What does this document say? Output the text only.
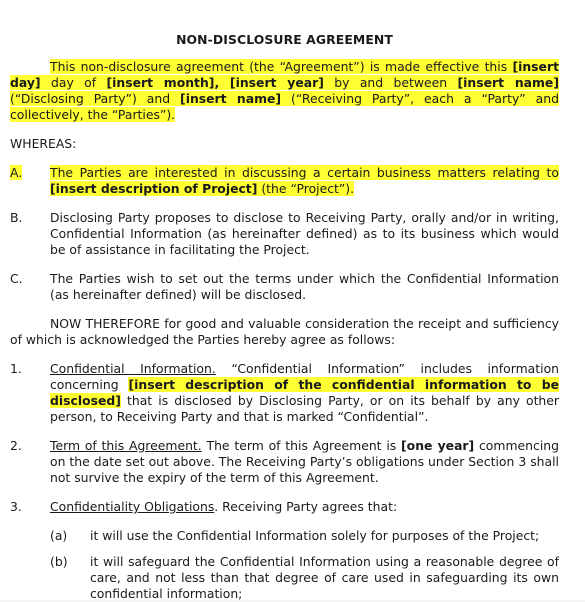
NON-DISCLOSURE AGREEMENT

This non-disclosure agreement (the “Agreement”) is made effective this [insert day] day of [insert month], [insert year] by and between [insert name] (“Disclosing Party”) and [insert name] (“Receiving Party”, each a “Party” and collectively, the “Parties”).

WHEREAS:

A.	The Parties are interested in discussing a certain business matters relating to [insert description of Project] (the “Project”).
B.	Disclosing Party proposes to disclose to Receiving Party, orally and/or in writing, Confidential Information (as hereinafter defined) as to its business which would be of assistance in facilitating the Project.
C.	The Parties wish to set out the terms under which the Confidential Information (as hereinafter defined) will be disclosed.

NOW THEREFORE for good and valuable consideration the receipt and sufficiency of which is acknowledged the Parties hereby agree as follows:

1.	Confidential Information. “Confidential Information” includes information concerning [insert description of the confidential information to be disclosed] that is disclosed by Disclosing Party, or on its behalf by any other person, to Receiving Party and that is marked “Confidential”.
2.	Term of this Agreement. The term of this Agreement is [one year] commencing on the date set out above. The Receiving Party’s obligations under Section 3 shall not survive the expiry of the term of this Agreement.
3.	Confidentiality Obligations. Receiving Party agrees that:
(a)	it will use the Confidential Information solely for purposes of the Project;
(b)	it will safeguard the Confidential Information using a reasonable degree of care, and not less than that degree of care used in safeguarding its own confidential information;
